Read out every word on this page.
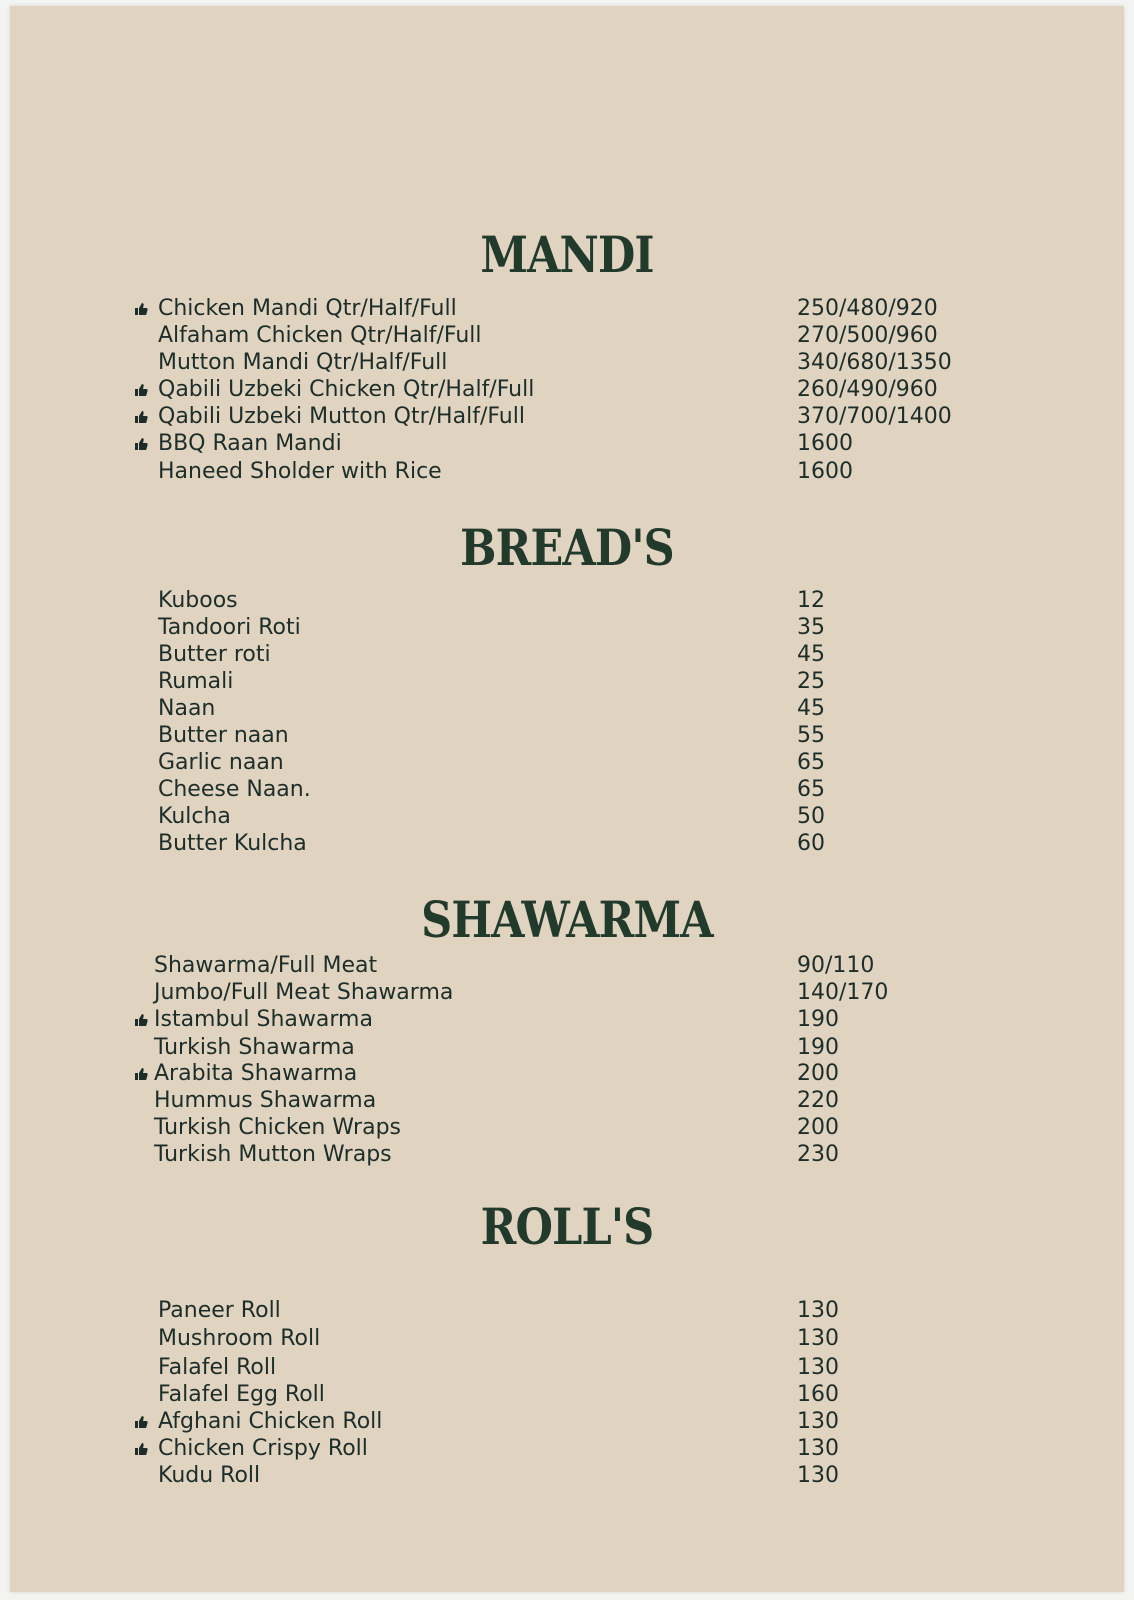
MANDI
Chicken Mandi Qtr/Half/Full	250/480/920
Alfaham Chicken Qtr/Half/Full	270/500/960
Mutton Mandi Qtr/Half/Full	340/680/1350
Qabili Uzbeki Chicken Qtr/Half/Full	260/490/960
Qabili Uzbeki Mutton Qtr/Half/Full	370/700/1400
BBQ Raan Mandi	1600
Haneed Sholder with Rice	1600
BREAD'S
Kuboos	12
Tandoori Roti	35
Butter roti	45
Rumali	25
Naan	45
Butter naan	55
Garlic naan	65
Cheese Naan.	65
Kulcha	50
Butter Kulcha	60
SHAWARMA
Shawarma/Full Meat	90/110
Jumbo/Full Meat Shawarma	140/170
Istambul Shawarma	190
Turkish Shawarma	190
Arabita Shawarma	200
Hummus Shawarma	220
Turkish Chicken Wraps	200
Turkish Mutton Wraps	230
ROLL'S
Paneer Roll	130
Mushroom Roll	130
Falafel Roll	130
Falafel Egg Roll	160
Afghani Chicken Roll	130
Chicken Crispy Roll	130
Kudu Roll	130
